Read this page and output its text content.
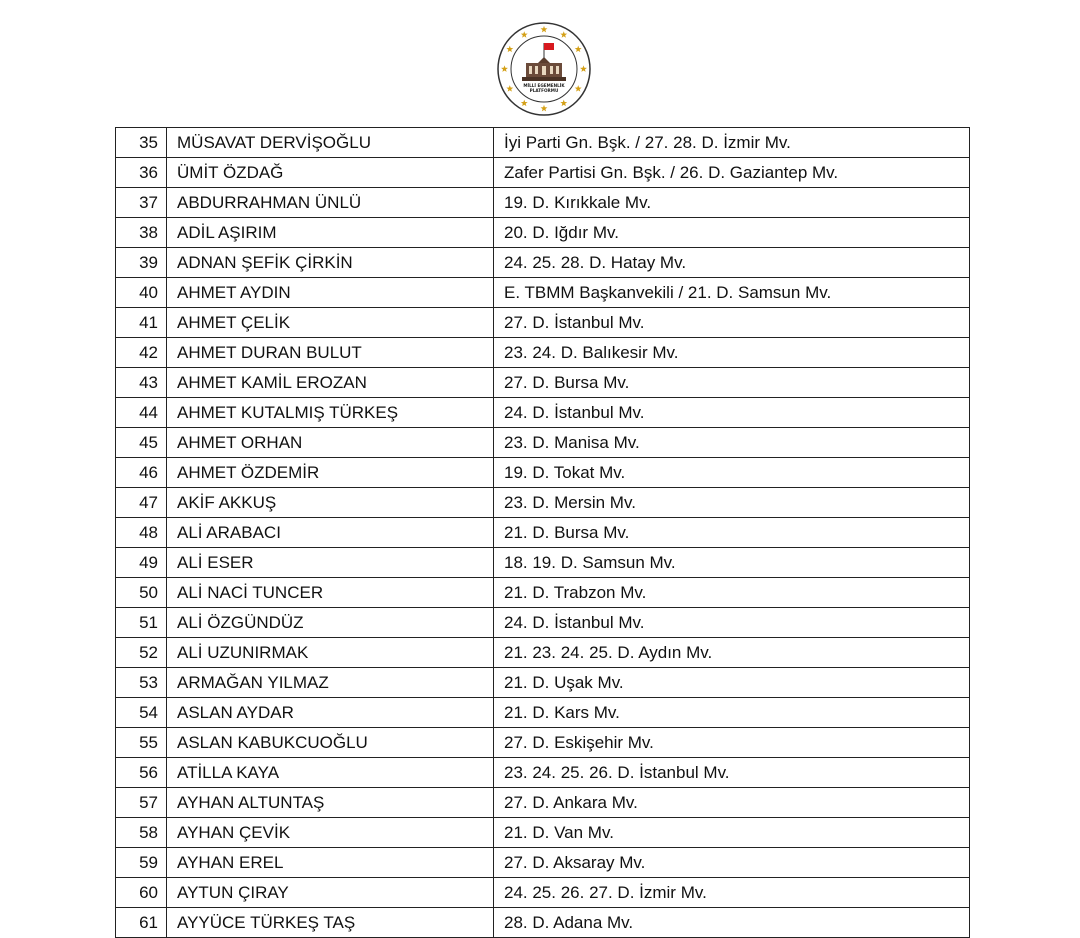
MİLLİ EGEMENLİK
PLATFORMU
35	MÜSAVAT DERVİŞOĞLU	İyi Parti Gn. Bşk. / 27. 28. D. İzmir Mv.
36	ÜMİT ÖZDAĞ	Zafer Partisi Gn. Bşk. / 26. D. Gaziantep Mv.
37	ABDURRAHMAN ÜNLÜ	19. D. Kırıkkale Mv.
38	ADİL AŞIRIM	20. D. Iğdır Mv.
39	ADNAN ŞEFİK ÇİRKİN	24. 25. 28. D. Hatay Mv.
40	AHMET AYDIN	E. TBMM Başkanvekili / 21. D. Samsun Mv.
41	AHMET ÇELİK	27. D. İstanbul Mv.
42	AHMET DURAN BULUT	23. 24. D. Balıkesir Mv.
43	AHMET KAMİL EROZAN	27. D. Bursa Mv.
44	AHMET KUTALMIŞ TÜRKEŞ	24. D. İstanbul Mv.
45	AHMET ORHAN	23. D. Manisa Mv.
46	AHMET ÖZDEMİR	19. D. Tokat Mv.
47	AKİF AKKUŞ	23. D. Mersin Mv.
48	ALİ ARABACI	21. D. Bursa Mv.
49	ALİ ESER	18. 19. D. Samsun Mv.
50	ALİ NACİ TUNCER	21. D. Trabzon Mv.
51	ALİ ÖZGÜNDÜZ	24. D. İstanbul Mv.
52	ALİ UZUNIRMAK	21. 23. 24. 25. D. Aydın Mv.
53	ARMAĞAN YILMAZ	21. D. Uşak Mv.
54	ASLAN AYDAR	21. D. Kars Mv.
55	ASLAN KABUKCUOĞLU	27. D. Eskişehir Mv.
56	ATİLLA KAYA	23. 24. 25. 26. D. İstanbul Mv.
57	AYHAN ALTUNTAŞ	27. D. Ankara Mv.
58	AYHAN ÇEVİK	21. D. Van Mv.
59	AYHAN EREL	27. D. Aksaray Mv.
60	AYTUN ÇIRAY	24. 25. 26. 27. D. İzmir Mv.
61	AYYÜCE TÜRKEŞ TAŞ	28. D. Adana Mv.
